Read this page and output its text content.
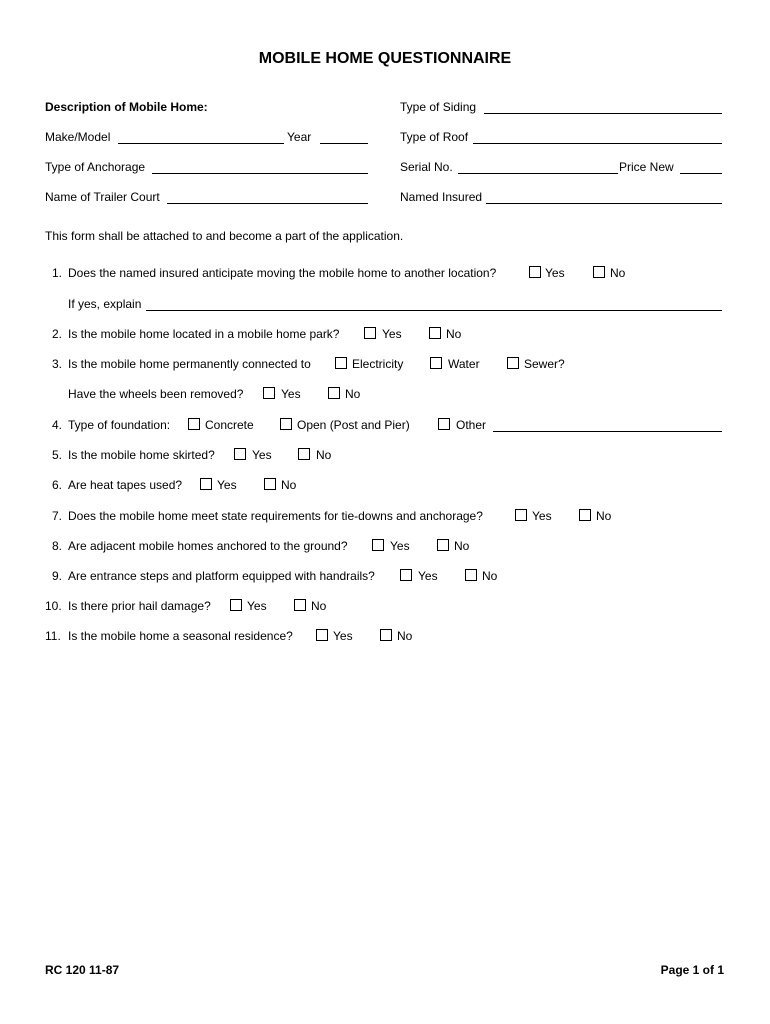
MOBILE HOME QUESTIONNAIRE
Description of Mobile Home:
Make/Model	Year
Type of Anchorage
Name of Trailer Court
Type of Siding
Type of Roof
Serial No.	Price New
Named Insured
This form shall be attached to and become a part of the application.
1. Does the named insured anticipate moving the mobile home to another location?	Yes	No
If yes, explain
2. Is the mobile home located in a mobile home park?	Yes	No
3. Is the mobile home permanently connected to	Electricity	Water	Sewer?
Have the wheels been removed?	Yes	No
4. Type of foundation:	Concrete	Open (Post and Pier)	Other
5. Is the mobile home skirted?	Yes	No
6. Are heat tapes used?	Yes	No
7. Does the mobile home meet state requirements for tie-downs and anchorage?	Yes	No
8. Are adjacent mobile homes anchored to the ground?	Yes	No
9. Are entrance steps and platform equipped with handrails?	Yes	No
10. Is there prior hail damage?	Yes	No
11. Is the mobile home a seasonal residence?	Yes	No
RC 120 11-87	Page 1 of 1
